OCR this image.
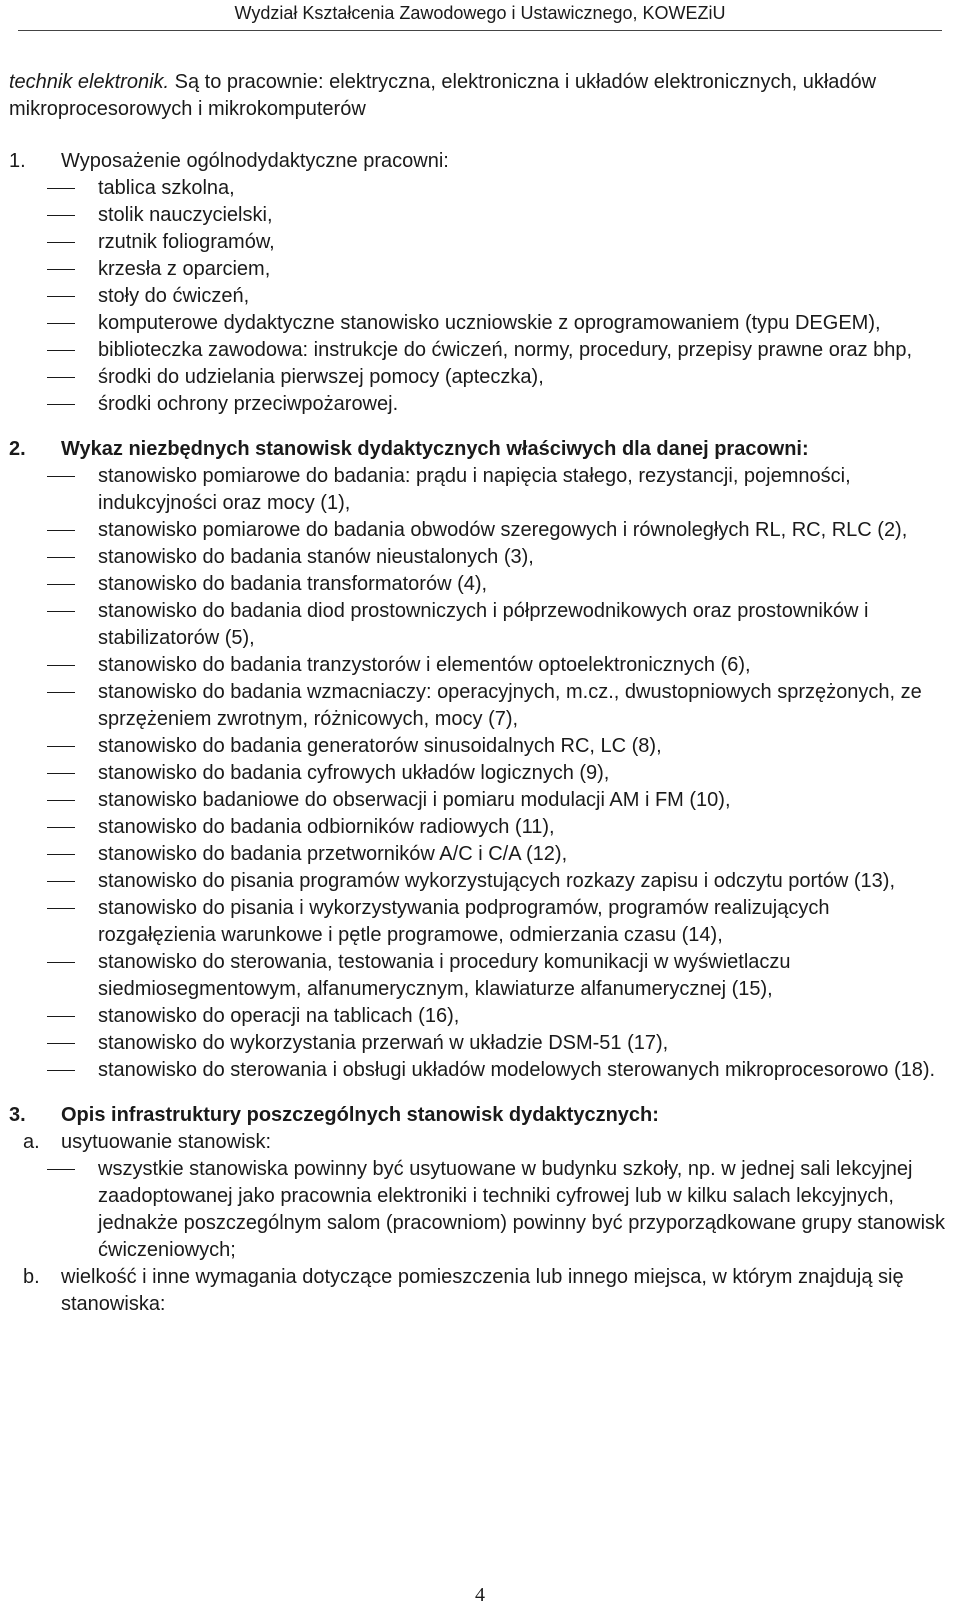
Wydział Kształcenia Zawodowego i Ustawicznego, KOWEZiU

technik elektronik. Są to pracownie: elektryczna, elektroniczna i układów elektronicznych, układów mikroprocesorowych i mikrokomputerów

1.	Wyposażenie ogólnodydaktyczne pracowni:
tablica szkolna,
stolik nauczycielski,
rzutnik foliogramów,
krzesła z oparciem,
stoły do ćwiczeń,
komputerowe dydaktyczne stanowisko uczniowskie z oprogramowaniem (typu DEGEM),
biblioteczka zawodowa: instrukcje do ćwiczeń, normy, procedury, przepisy prawne oraz bhp,
środki do udzielania pierwszej pomocy (apteczka),
środki ochrony przeciwpożarowej.
2.	Wykaz niezbędnych stanowisk dydaktycznych właściwych dla danej pracowni:
stanowisko pomiarowe do badania: prądu i napięcia stałego, rezystancji, pojemności, indukcyjności oraz mocy (1),
stanowisko pomiarowe do badania obwodów szeregowych i równoległych RL, RC, RLC (2),
stanowisko do badania stanów nieustalonych (3),
stanowisko do badania transformatorów (4),
stanowisko do badania diod prostowniczych i półprzewodnikowych oraz prostowników i stabilizatorów (5),
stanowisko do badania tranzystorów i elementów optoelektronicznych (6),
stanowisko do badania wzmacniaczy: operacyjnych, m.cz., dwustopniowych sprzężonych, ze sprzężeniem zwrotnym, różnicowych, mocy (7),
stanowisko do badania generatorów sinusoidalnych RC, LC (8),
stanowisko do badania cyfrowych układów logicznych (9),
stanowisko badaniowe do obserwacji i pomiaru modulacji AM i FM (10),
stanowisko do badania odbiorników radiowych (11),
stanowisko do badania przetworników A/C i C/A (12),
stanowisko do pisania programów wykorzystujących rozkazy zapisu i odczytu portów (13),
stanowisko do pisania i wykorzystywania podprogramów, programów realizujących rozgałęzienia warunkowe i pętle programowe, odmierzania czasu (14),
stanowisko do sterowania, testowania i procedury komunikacji w wyświetlaczu siedmiosegmentowym, alfanumerycznym, klawiaturze alfanumerycznej (15),
stanowisko do operacji na tablicach (16),
stanowisko do wykorzystania przerwań w układzie DSM-51 (17),
stanowisko do sterowania i obsługi układów modelowych sterowanych mikroprocesorowo (18).
3.	Opis infrastruktury poszczególnych stanowisk dydaktycznych:
a.	usytuowanie stanowisk:
wszystkie stanowiska powinny być usytuowane w budynku szkoły, np. w jednej sali lekcyjnej zaadoptowanej jako pracownia elektroniki i techniki cyfrowej lub w kilku salach lekcyjnych, jednakże poszczególnym salom (pracowniom) powinny być przyporządkowane grupy stanowisk ćwiczeniowych;
b.	wielkość i inne wymagania dotyczące pomieszczenia lub innego miejsca, w którym znajdują się stanowiska:
4
